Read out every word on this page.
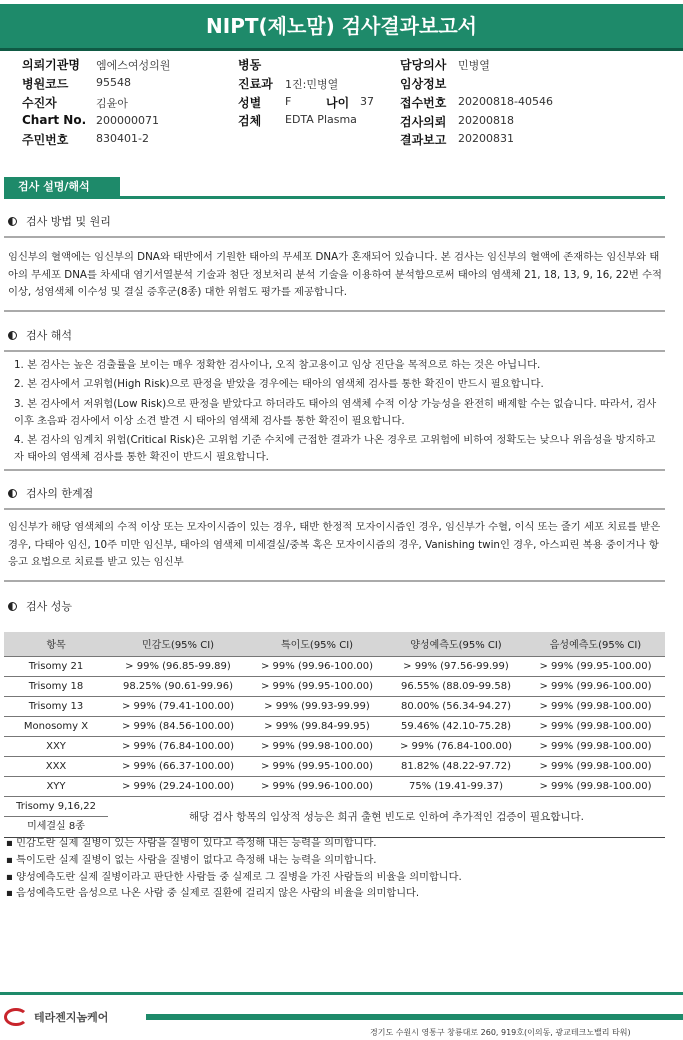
NIPT(제노맘) 검사결과보고서
의뢰기관명 엠에스여성의원	병동	담당의사 민병열
병원코드	95548	진료과 1진:민병열	임상정보
수진자	김윤아	성별 F	나이 37 접수번호 20200818-40546
Chart No. 200000071	검체 EDTA Plasma	검사의뢰 20200818
주민번호	830401-2	결과보고 20200831
검사 설명/해석
검사 방법 및 원리
임신부의 혈액에는 임신부의 DNA와 태반에서 기원한 태아의 무세포 DNA가 혼재되어 있습니다. 본 검사는 임신부의 혈액에 존재하는 임신부와 태아의 무세포 DNA를 차세대 염기서열분석 기술과 첨단 정보처리 분석 기술을 이용하여 분석함으로써 태아의 염색체 21, 18, 13, 9, 16, 22번 수적 이상, 성염색체 이수성 및 결실 증후군(8종) 대한 위험도 평가를 제공합니다.
검사 해석
1. 본 검사는 높은 검출률을 보이는 매우 정확한 검사이나, 오직 참고용이고 임상 진단을 목적으로 하는 것은 아닙니다.
2. 본 검사에서 고위험(High Risk)으로 판정을 받았을 경우에는 태아의 염색체 검사를 통한 확진이 반드시 필요합니다.
3. 본 검사에서 저위험(Low Risk)으로 판정을 받았다고 하더라도 태아의 염색체 수적 이상 가능성을 완전히 배제할 수는 없습니다. 따라서, 검사 이후 초음파 검사에서 이상 소견 발견 시 태아의 염색체 검사를 통한 확진이 필요합니다.
4. 본 검사의 임계치 위험(Critical Risk)은 고위험 기준 수치에 근접한 결과가 나온 경우로 고위험에 비하여 정확도는 낮으나 위음성을 방지하고자 태아의 염색체 검사를 통한 확진이 반드시 필요합니다.
검사의 한계점
임신부가 해당 염색체의 수적 이상 또는 모자이시즘이 있는 경우, 태반 한정적 모자이시즘인 경우, 임신부가 수혈, 이식 또는 줄기 세포 치료를 받은 경우, 다태아 임신, 10주 미만 임신부, 태아의 염색체 미세결실/중복 혹은 모자이시즘의 경우, Vanishing twin인 경우, 아스피린 복용 중이거나 항 응고 요법으로 치료를 받고 있는 임신부
검사 성능
항목	민감도(95% CI)	특이도(95% CI)	양성예측도(95% CI)	음성예측도(95% CI)
Trisomy 21	> 99% (96.85-99.89)	> 99% (99.96-100.00)	> 99% (97.56-99.99)	> 99% (99.95-100.00)
Trisomy 18	98.25% (90.61-99.96)	> 99% (99.95-100.00)	96.55% (88.09-99.58)	> 99% (99.96-100.00)
Trisomy 13	> 99% (79.41-100.00)	> 99% (99.93-99.99)	80.00% (56.34-94.27)	> 99% (99.98-100.00)
Monosomy X	> 99% (84.56-100.00)	> 99% (99.84-99.95)	59.46% (42.10-75.28)	> 99% (99.98-100.00)
XXY	> 99% (76.84-100.00)	> 99% (99.98-100.00)	> 99% (76.84-100.00)	> 99% (99.98-100.00)
XXX	> 99% (66.37-100.00)	> 99% (99.95-100.00)	81.82% (48.22-97.72)	> 99% (99.98-100.00)
XYY	> 99% (29.24-100.00)	> 99% (99.96-100.00)	75% (19.41-99.37)	> 99% (99.98-100.00)

Trisomy 9,16,22
미세결실 8종	해당 검사 항목의 임상적 성능은 희귀 출현 빈도로 인하여 추가적인 검증이 필요합니다.			
▪ 민감도란 실제 질병이 있는 사람을 질병이 있다고 측정해 내는 능력을 의미합니다.
▪ 특이도란 실제 질병이 없는 사람을 질병이 없다고 측정해 내는 능력을 의미합니다.
▪ 양성예측도란 실제 질병이라고 판단한 사람들 중 실제로 그 질병을 가진 사람들의 비율을 의미합니다.
▪ 음성예측도란 음성으로 나온 사람 중 실제로 질환에 걸리지 않은 사람의 비율을 의미합니다.
테라젠지놈케어
경기도 수원시 영통구 창룡대로 260, 919호(이의동, 광교테크노밸리 타워)
